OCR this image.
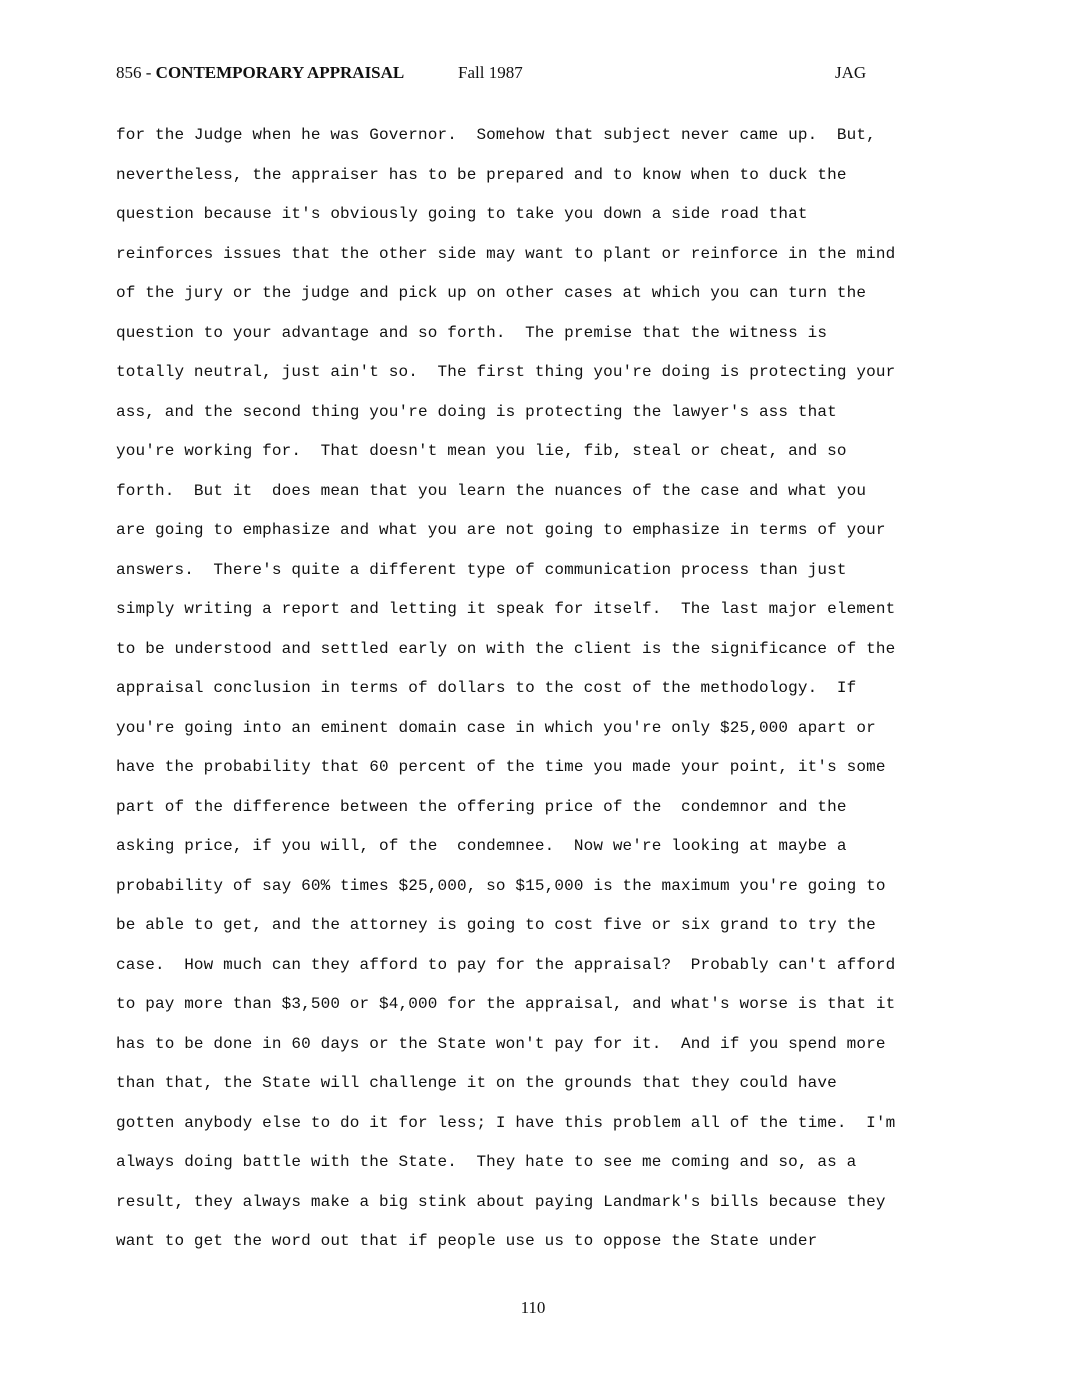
856 - CONTEMPORARY APPRAISAL	Fall 1987	JAG
for the Judge when he was Governor.  Somehow that subject never came up.  But,
nevertheless, the appraiser has to be prepared and to know when to duck the
question because it's obviously going to take you down a side road that
reinforces issues that the other side may want to plant or reinforce in the mind
of the jury or the judge and pick up on other cases at which you can turn the
question to your advantage and so forth.  The premise that the witness is
totally neutral, just ain't so.  The first thing you're doing is protecting your
ass, and the second thing you're doing is protecting the lawyer's ass that
you're working for.  That doesn't mean you lie, fib, steal or cheat, and so
forth.  But it  does mean that you learn the nuances of the case and what you
are going to emphasize and what you are not going to emphasize in terms of your
answers.  There's quite a different type of communication process than just
simply writing a report and letting it speak for itself.  The last major element
to be understood and settled early on with the client is the significance of the
appraisal conclusion in terms of dollars to the cost of the methodology.  If
you're going into an eminent domain case in which you're only $25,000 apart or
have the probability that 60 percent of the time you made your point, it's some
part of the difference between the offering price of the  condemnor and the
asking price, if you will, of the  condemnee.  Now we're looking at maybe a
probability of say 60% times $25,000, so $15,000 is the maximum you're going to
be able to get, and the attorney is going to cost five or six grand to try the
case.  How much can they afford to pay for the appraisal?  Probably can't afford
to pay more than $3,500 or $4,000 for the appraisal, and what's worse is that it
has to be done in 60 days or the State won't pay for it.  And if you spend more
than that, the State will challenge it on the grounds that they could have
gotten anybody else to do it for less; I have this problem all of the time.  I'm
always doing battle with the State.  They hate to see me coming and so, as a
result, they always make a big stink about paying Landmark's bills because they
want to get the word out that if people use us to oppose the State under
110
